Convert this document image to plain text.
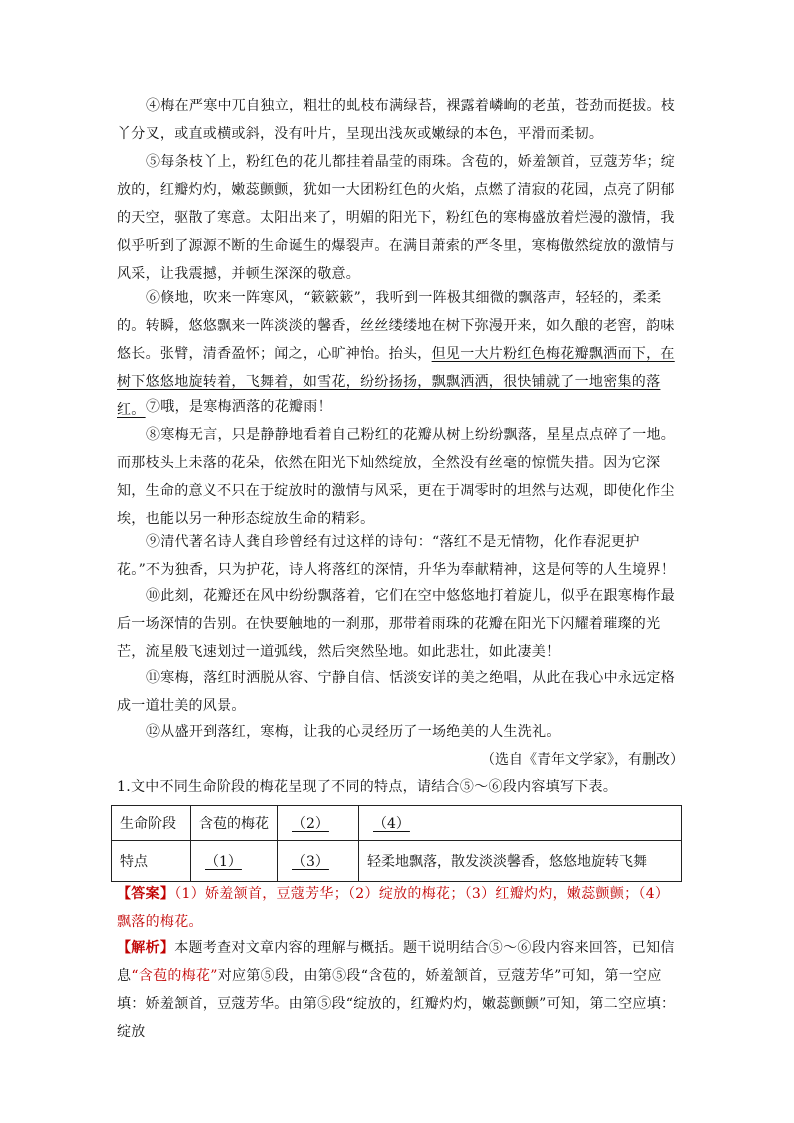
④梅在严寒中兀自独立，粗壮的虬枝布满绿苔，裸露着嶙峋的老茧，苍劲而挺拔。枝丫分叉，或直或横或斜，没有叶片，呈现出浅灰或嫩绿的本色，平滑而柔韧。
⑤每条枝丫上，粉红色的花儿都挂着晶莹的雨珠。含苞的，娇羞颔首，豆蔻芳华；绽放的，红瓣灼灼，嫩蕊颤颤，犹如一大团粉红色的火焰，点燃了清寂的花园，点亮了阴郁的天空，驱散了寒意。太阳出来了，明媚的阳光下，粉红色的寒梅盛放着烂漫的激情，我似乎听到了源源不断的生命诞生的爆裂声。在满目萧索的严冬里，寒梅傲然绽放的激情与风采，让我震撼，并顿生深深的敬意。
⑥倏地，吹来一阵寒风，“簌簌簌”，我听到一阵极其细微的飘落声，轻轻的，柔柔的。转瞬，悠悠飘来一阵淡淡的馨香，丝丝缕缕地在树下弥漫开来，如久酿的老窖，韵味悠长。张臂，清香盈怀；闻之，心旷神怡。抬头，但见一大片粉红色梅花瓣飘洒而下，在树下悠悠地旋转着，飞舞着，如雪花，纷纷扬扬，飘飘洒洒，很快铺就了一地密集的落红。 ⑦哦，是寒梅洒落的花瓣雨！
⑧寒梅无言，只是静静地看着自己粉红的花瓣从树上纷纷飘落，星星点点碎了一地。而那枝头上未落的花朵，依然在阳光下灿然绽放，全然没有丝毫的惊慌失措。因为它深知，生命的意义不只在于绽放时的激情与风采，更在于凋零时的坦然与达观，即使化作尘埃，也能以另一种形态绽放生命的精彩。
⑨清代著名诗人龚自珍曾经有过这样的诗句：“落红不是无情物，化作春泥更护花。”不为独香，只为护花，诗人将落红的深情，升华为奉献精神，这是何等的人生境界！
⑩此刻，花瓣还在风中纷纷飘落着，它们在空中悠悠地打着旋儿，似乎在跟寒梅作最后一场深情的告别。在快要触地的一刹那，那带着雨珠的花瓣在阳光下闪耀着璀璨的光芒，流星般飞速划过一道弧线，然后突然坠地。如此悲壮，如此凄美！
⑪寒梅，落红时洒脱从容、宁静自信、恬淡安详的美之绝唱，从此在我心中永远定格成一道壮美的风景。
⑫从盛开到落红，寒梅，让我的心灵经历了一场绝美的人生洗礼。
（选自《青年文学家》，有删改）
1.文中不同生命阶段的梅花呈现了不同的特点，请结合⑤～⑥段内容填写下表。
生命阶段	含苞的梅花	（2）	（4）
特点	（1）	（3）	轻柔地飘落，散发淡淡馨香，悠悠地旋转飞舞
【答案】（1）娇羞颔首，豆蔻芳华；（2）绽放的梅花；（3）红瓣灼灼，嫩蕊颤颤；（4）飘落的梅花。
【解析】本题考查对文章内容的理解与概括。题干说明结合⑤～⑥段内容来回答，已知信息“含苞的梅花”对应第⑤段，由第⑤段“含苞的，娇羞颔首，豆蔻芳华”可知，第一空应填：娇羞颔首，豆蔻芳华。由第⑤段“绽放的，红瓣灼灼，嫩蕊颤颤”可知，第二空应填：绽放
